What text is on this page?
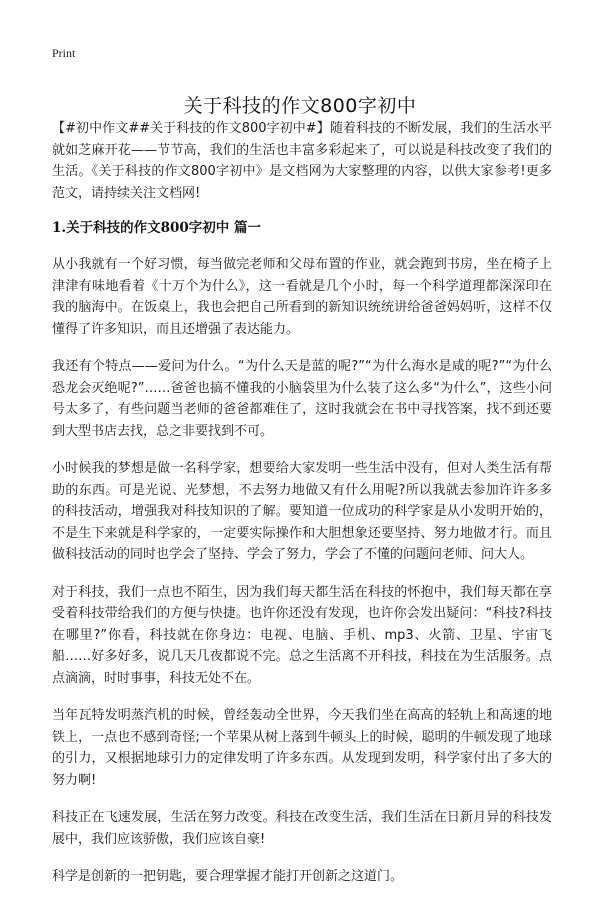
Print
关于科技的作文800字初中

【#初中作文##关于科技的作文800字初中#】随着科技的不断发展，我们的生活水平就如芝麻开花——节节高，我们的生活也丰富多彩起来了，可以说是科技改变了我们的生活。《关于科技的作文800字初中》是文档网为大家整理的内容，以供大家参考!更多范文，请持续关注文档网!

1.关于科技的作文800字初中 篇一

从小我就有一个好习惯，每当做完老师和父母布置的作业，就会跑到书房，坐在椅子上津津有味地看着《十万个为什么》，这一看就是几个小时，每一个科学道理都深深印在我的脑海中。在饭桌上，我也会把自己所看到的新知识统统讲给爸爸妈妈听，这样不仅懂得了许多知识，而且还增强了表达能力。

我还有个特点——爱问为什么。“为什么天是蓝的呢?”“为什么海水是咸的呢?”“为什么恐龙会灭绝呢?”……爸爸也搞不懂我的小脑袋里为什么装了这么多“为什么”，这些小问号太多了，有些问题当老师的爸爸都难住了，这时我就会在书中寻找答案，找不到还要到大型书店去找，总之非要找到不可。

小时候我的梦想是做一名科学家，想要给大家发明一些生活中没有，但对人类生活有帮助的东西。可是光说、光梦想，不去努力地做又有什么用呢?所以我就去参加许许多多的科技活动，增强我对科技知识的了解。要知道一位成功的科学家是从小发明开始的，不是生下来就是科学家的，一定要实际操作和大胆想象还要坚持、努力地做才行。而且做科技活动的同时也学会了坚持、学会了努力，学会了不懂的问题问老师、问大人。

对于科技，我们一点也不陌生，因为我们每天都生活在科技的怀抱中，我们每天都在享受着科技带给我们的方便与快捷。也许你还没有发现，也许你会发出疑问：“科技?科技在哪里?”你看，科技就在你身边：电视、电脑、手机、mp3、火箭、卫星、宇宙飞船……好多好多，说几天几夜都说不完。总之生活离不开科技，科技在为生活服务。点点滴滴，时时事事，科技无处不在。

当年瓦特发明蒸汽机的时候，曾经轰动全世界，今天我们坐在高高的轻轨上和高速的地铁上，一点也不感到奇怪;一个苹果从树上落到牛顿头上的时候，聪明的牛顿发现了地球的引力，又根据地球引力的定律发明了许多东西。从发现到发明，科学家付出了多大的努力啊!

科技正在飞速发展，生活在努力改变。科技在改变生活，我们生活在日新月异的科技发展中，我们应该骄傲，我们应该自豪!

科学是创新的一把钥匙，要合理掌握才能打开创新之这道门。
